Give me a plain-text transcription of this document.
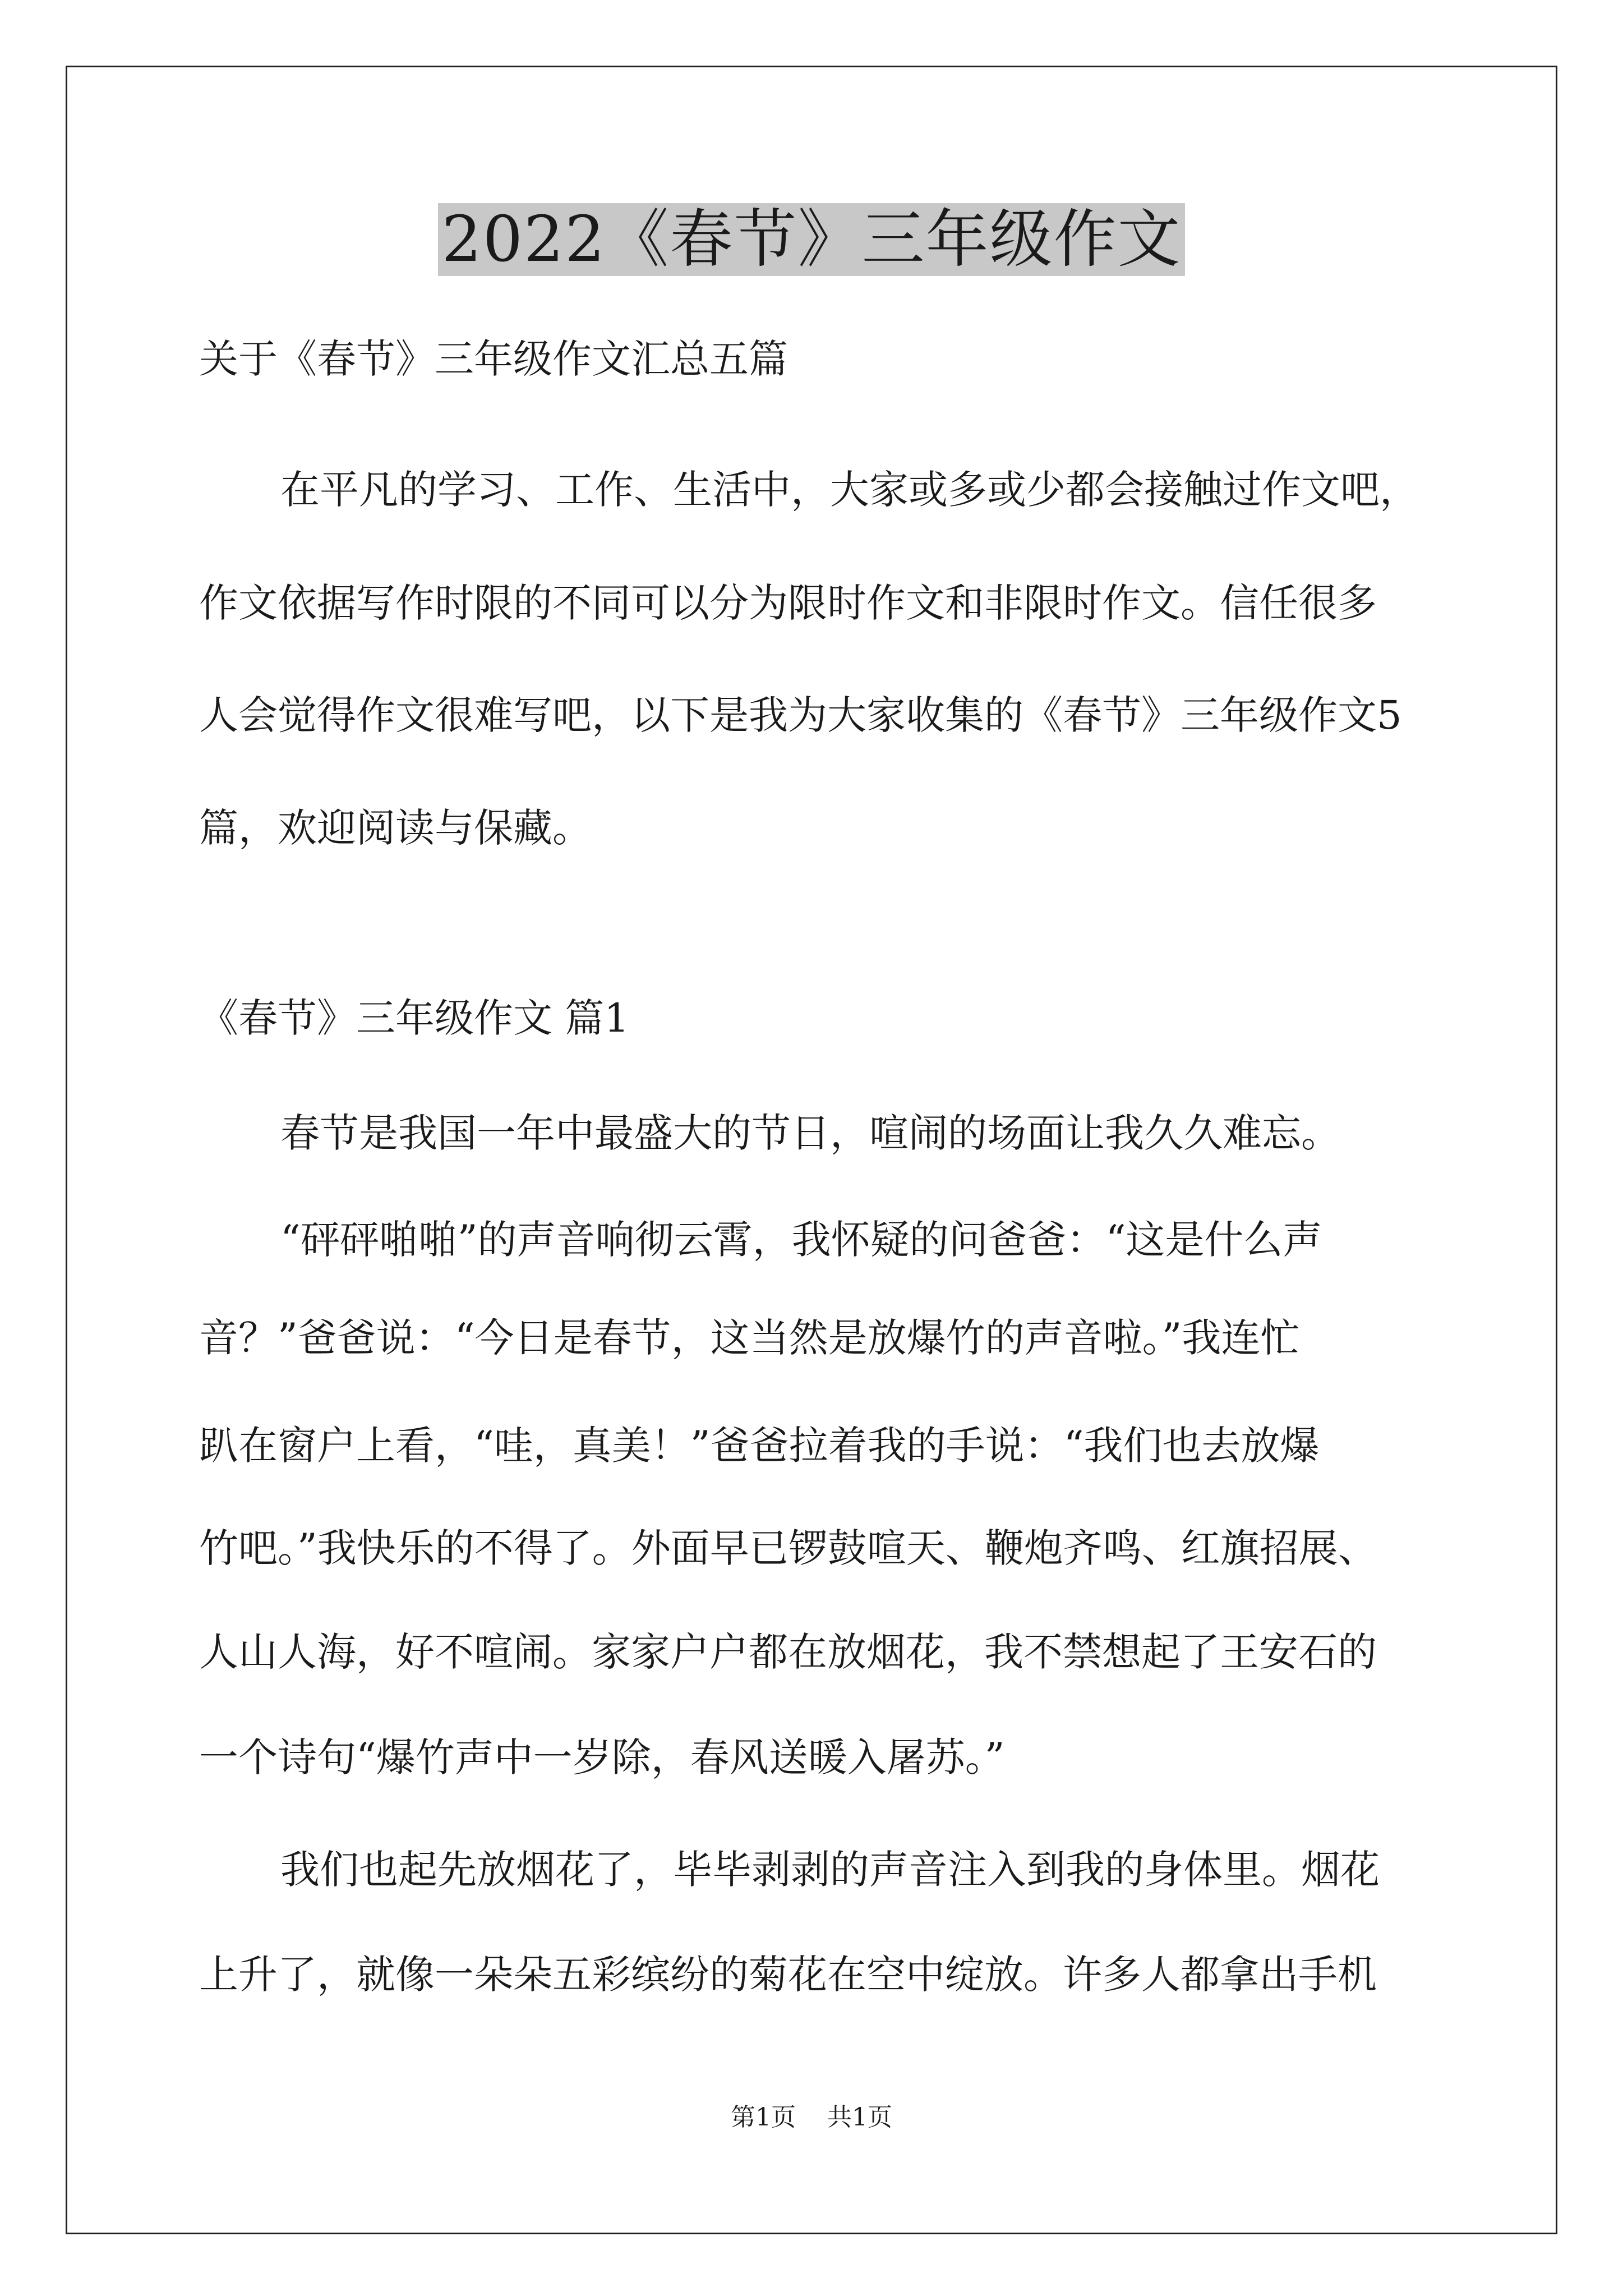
2022《春节》三年级作文

关于《春节》三年级作文汇总五篇

在平凡的学习、工作、生活中，大家或多或少都会接触过作文吧，

作文依据写作时限的不同可以分为限时作文和非限时作文。信任很多

人会觉得作文很难写吧，以下是我为大家收集的《春节》三年级作文5

篇，欢迎阅读与保藏。

《春节》三年级作文 篇1

春节是我国一年中最盛大的节日，喧闹的场面让我久久难忘。

“砰砰啪啪”的声音响彻云霄，我怀疑的问爸爸：“这是什么声

音？”爸爸说：“今日是春节，这当然是放爆竹的声音啦。”我连忙

趴在窗户上看，“哇，真美！”爸爸拉着我的手说：“我们也去放爆

竹吧。”我快乐的不得了。外面早已锣鼓喧天、鞭炮齐鸣、红旗招展、

人山人海，好不喧闹。家家户户都在放烟花，我不禁想起了王安石的

一个诗句“爆竹声中一岁除，春风送暖入屠苏。”

我们也起先放烟花了，毕毕剥剥的声音注入到我的身体里。烟花

上升了，就像一朵朵五彩缤纷的菊花在空中绽放。许多人都拿出手机

第1页 共1页
